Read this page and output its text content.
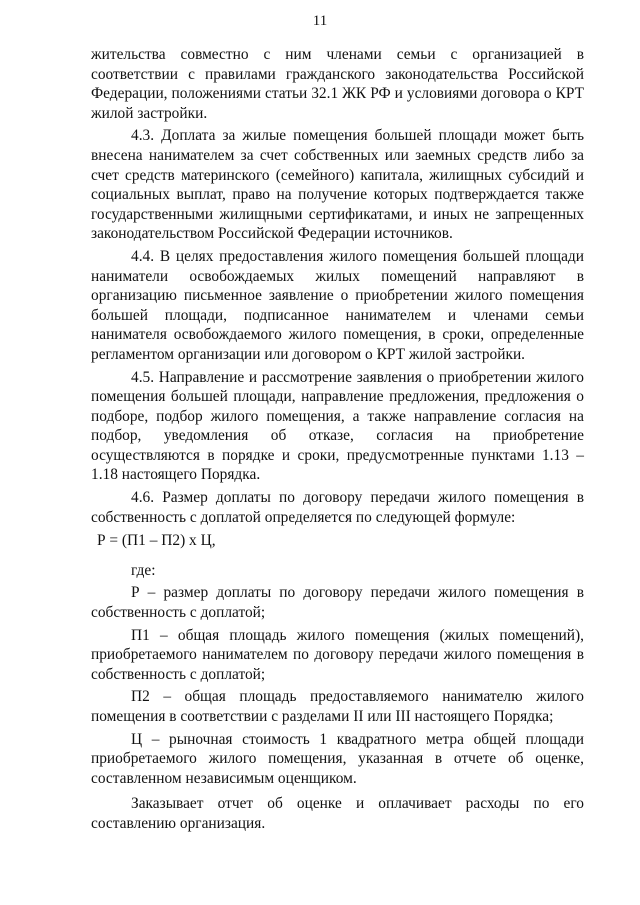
11

жительства совместно с ним членами семьи с организацией в соответствии с правилами гражданского законодательства Российской Федерации, положениями статьи 32.1 ЖК РФ и условиями договора о КРТ жилой застройки.

4.3. Доплата за жилые помещения большей площади может быть внесена нанимателем за счет собственных или заемных средств либо за счет средств материнского (семейного) капитала, жилищных субсидий и социальных выплат, право на получение которых подтверждается также государственными жилищными сертификатами, и иных не запрещенных законодательством Российской Федерации источников.

4.4. В целях предоставления жилого помещения большей площади наниматели освобождаемых жилых помещений направляют в организацию письменное заявление о приобретении жилого помещения большей площади, подписанное нанимателем и членами семьи нанимателя освобождаемого жилого помещения, в сроки, определенные регламентом организации или договором о КРТ жилой застройки.

4.5. Направление и рассмотрение заявления о приобретении жилого помещения большей площади, направление предложения, предложения о подборе, подбор жилого помещения, а также направление согласия на подбор, уведомления об отказе, согласия на приобретение осуществляются в порядке и сроки, предусмотренные пунктами 1.13 – 1.18 настоящего Порядка.

4.6. Размер доплаты по договору передачи жилого помещения в собственность с доплатой определяется по следующей формуле:

Р = (П1 – П2) х Ц,

где:

Р – размер доплаты по договору передачи жилого помещения в собственность с доплатой;

П1 – общая площадь жилого помещения (жилых помещений), приобретаемого нанимателем по договору передачи жилого помещения в собственность с доплатой;

П2 – общая площадь предоставляемого нанимателю жилого помещения в соответствии с разделами II или III настоящего Порядка;

Ц – рыночная стоимость 1 квадратного метра общей площади приобретаемого жилого помещения, указанная в отчете об оценке, составленном независимым оценщиком.

Заказывает отчет об оценке и оплачивает расходы по его составлению организация.
